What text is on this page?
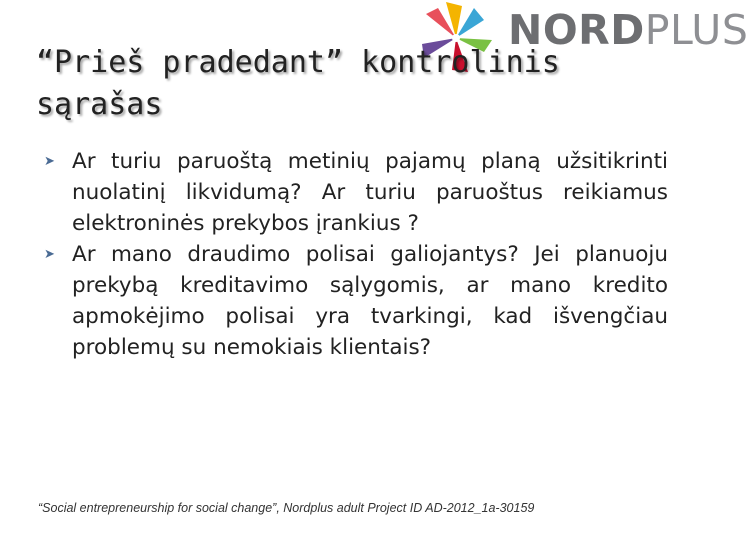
NORDPLUS
“Prieš pradedant” kontrolinis sąrašas

➤ Ar turiu paruoštą metinių pajamų planą užsitikrinti nuolatinį likvidumą? Ar turiu paruoštus reikiamus elektroninės prekybos įrankius ?

➤ Ar mano draudimo polisai galiojantys? Jei planuoju prekybą kreditavimo sąlygomis, ar mano kredito apmokėjimo polisai yra tvarkingi, kad išvengčiau problemų su nemokiais klientais?

“Social entrepreneurship for social change”, Nordplus adult Project ID AD-2012_1a-30159
